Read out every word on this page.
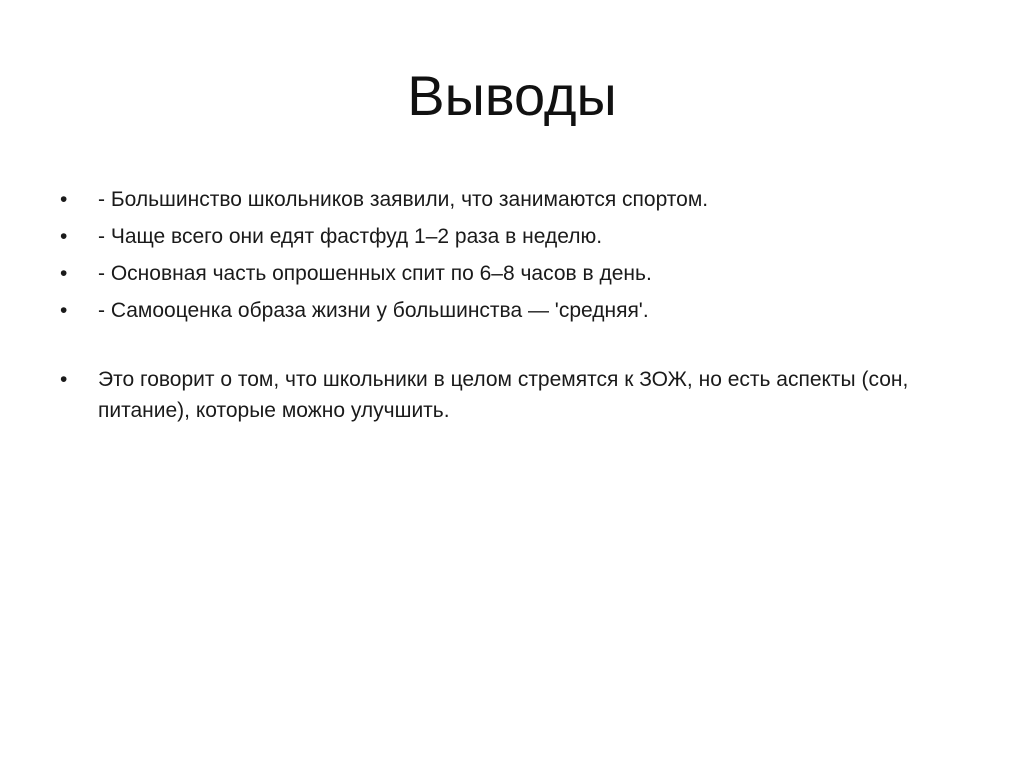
Выводы
•	- Большинство школьников заявили, что занимаются спортом.
•	- Чаще всего они едят фастфуд 1–2 раза в неделю.
•	- Основная часть опрошенных спит по 6–8 часов в день.
•	- Самооценка образа жизни у большинства — 'средняя'.
•	Это говорит о том, что школьники в целом стремятся к ЗОЖ, но есть аспекты (сон, питание), которые можно улучшить.
